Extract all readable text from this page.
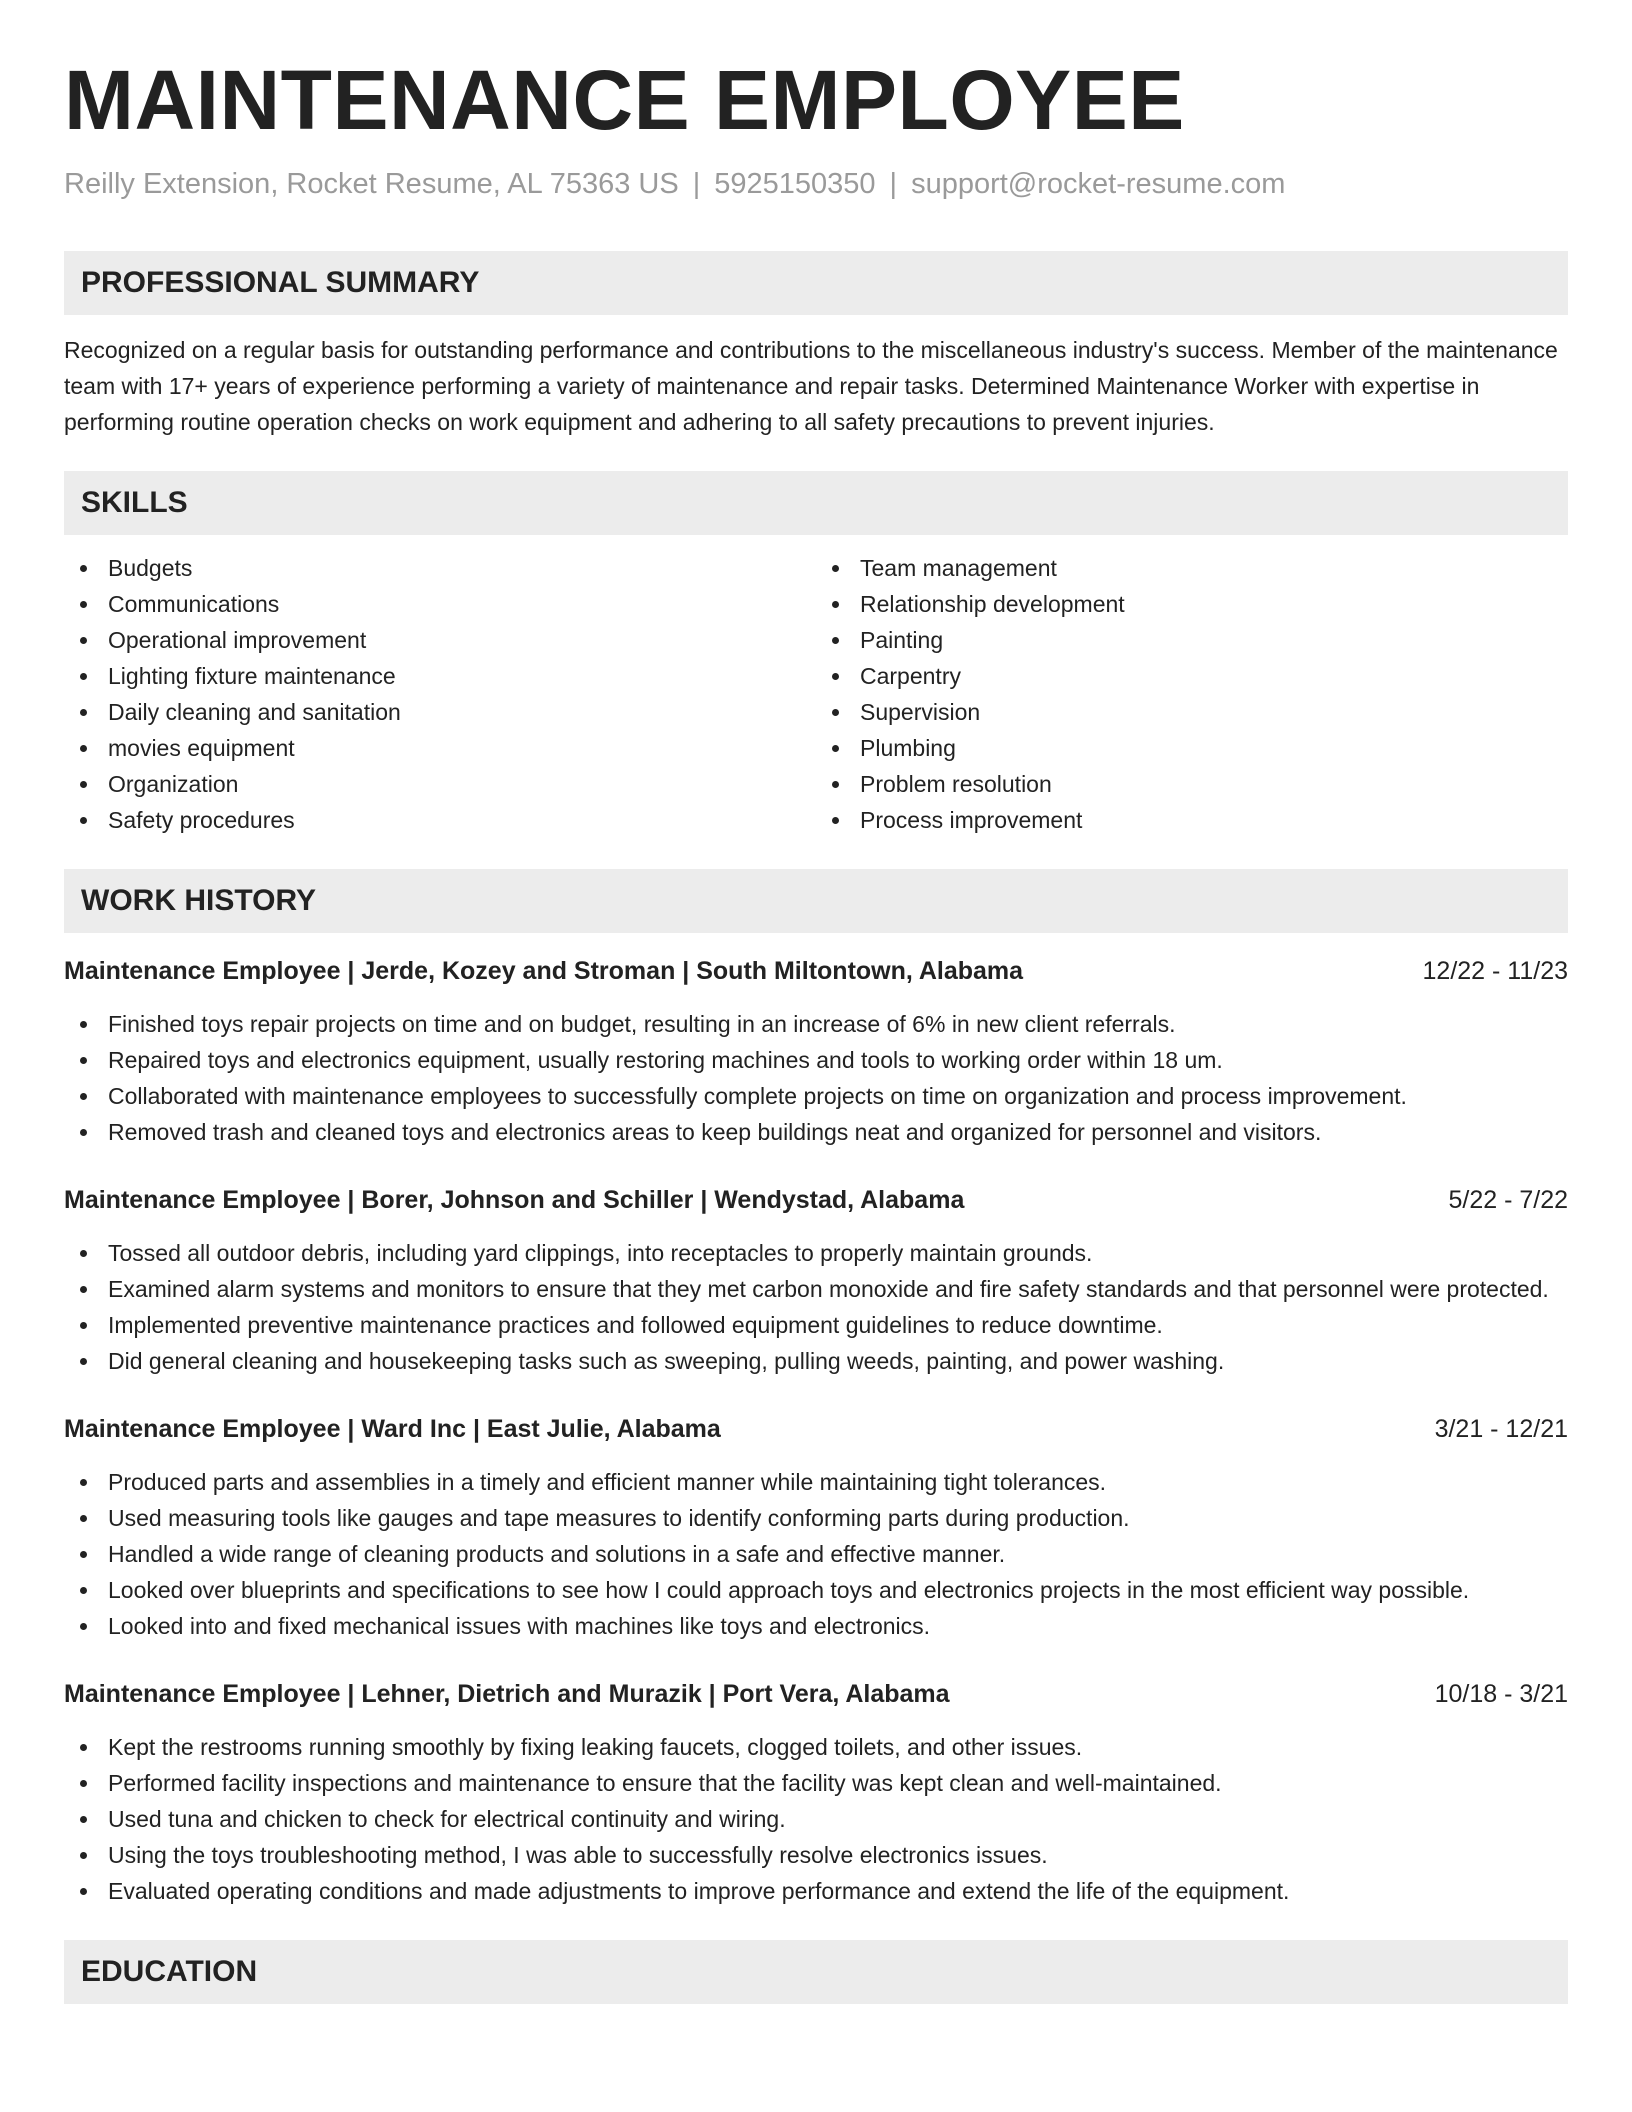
MAINTENANCE EMPLOYEE
Reilly Extension, Rocket Resume, AL 75363 US | 5925150350 | support@rocket-resume.com
PROFESSIONAL SUMMARY

Recognized on a regular basis for outstanding performance and contributions to the miscellaneous industry's success. Member of the maintenance team with 17+ years of experience performing a variety of maintenance and repair tasks. Determined Maintenance Worker with expertise in performing routine operation checks on work equipment and adhering to all safety precautions to prevent injuries.

SKILLS
Budgets
Communications
Operational improvement
Lighting fixture maintenance
Daily cleaning and sanitation
movies equipment
Organization
Safety procedures
Team management
Relationship development
Painting
Carpentry
Supervision
Plumbing
Problem resolution
Process improvement
WORK HISTORY
Maintenance Employee | Jerde, Kozey and Stroman | South Miltontown, Alabama	12/22 - 11/23
Finished toys repair projects on time and on budget, resulting in an increase of 6% in new client referrals.
Repaired toys and electronics equipment, usually restoring machines and tools to working order within 18 um.
Collaborated with maintenance employees to successfully complete projects on time on organization and process improvement.
Removed trash and cleaned toys and electronics areas to keep buildings neat and organized for personnel and visitors.
Maintenance Employee | Borer, Johnson and Schiller | Wendystad, Alabama	5/22 - 7/22
Tossed all outdoor debris, including yard clippings, into receptacles to properly maintain grounds.
Examined alarm systems and monitors to ensure that they met carbon monoxide and fire safety standards and that personnel were protected.
Implemented preventive maintenance practices and followed equipment guidelines to reduce downtime.
Did general cleaning and housekeeping tasks such as sweeping, pulling weeds, painting, and power washing.
Maintenance Employee | Ward Inc | East Julie, Alabama	3/21 - 12/21
Produced parts and assemblies in a timely and efficient manner while maintaining tight tolerances.
Used measuring tools like gauges and tape measures to identify conforming parts during production.
Handled a wide range of cleaning products and solutions in a safe and effective manner.
Looked over blueprints and specifications to see how I could approach toys and electronics projects in the most efficient way possible.
Looked into and fixed mechanical issues with machines like toys and electronics.
Maintenance Employee | Lehner, Dietrich and Murazik | Port Vera, Alabama	10/18 - 3/21
Kept the restrooms running smoothly by fixing leaking faucets, clogged toilets, and other issues.
Performed facility inspections and maintenance to ensure that the facility was kept clean and well-maintained.
Used tuna and chicken to check for electrical continuity and wiring.
Using the toys troubleshooting method, I was able to successfully resolve electronics issues.
Evaluated operating conditions and made adjustments to improve performance and extend the life of the equipment.
EDUCATION
